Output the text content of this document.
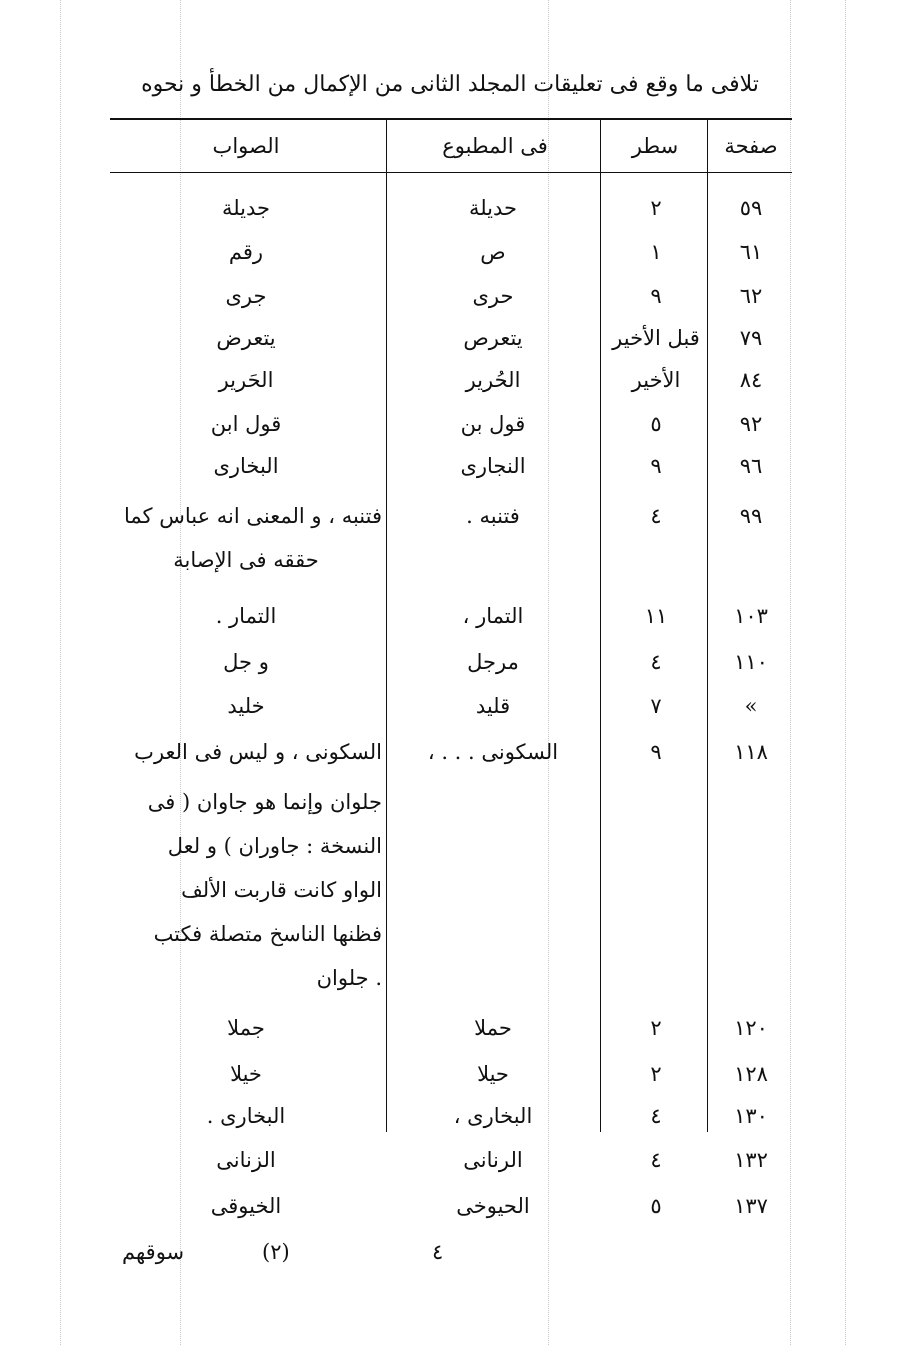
تلافی ما وقع فی تعلیقات المجلد الثانی من الإکمال من الخطأ و نحوه
صفحة
سطر
فى المطبوع
الصواب
٥٩
٢
حديلة
جديلة
٦١
١
ص
رقم
٦٢
٩
حرى
جرى
٧٩
قبل الأخير
يتعرص
يتعرض
٨٤
الأخير
الحُرير
الحَرير
٩٢
٥
قول بن
قول ابن
٩٦
٩
النجارى
البخارى
٩٩
٤
فتنبه .
فتنبه ، و المعنى انه عباس كما
حققه فى الإصابة
١٠٣
١١
التمار ،
التمار .
١١٠
٤
مرجل
و جل
»
٧
قليد
خليد
١١٨
٩
السكونى . . . ،
السكونى ، و ليس فى العرب
جلوان وإنما هو جاوان ( فى
النسخة : جاوران ) و لعل
الواو كانت قاربت الألف
فظنها الناسخ متصلة فكتب
جلوان .
١٢٠
٢
حملا
جملا
١٢٨
٢
حيلا
خيلا
١٣٠
٤
البخارى ،
البخارى .
١٣٢
٤
الرنانى
الزنانى
١٣٧
٥
الحيوخى
الخيوقى
٤
(٢)
سوقهم
